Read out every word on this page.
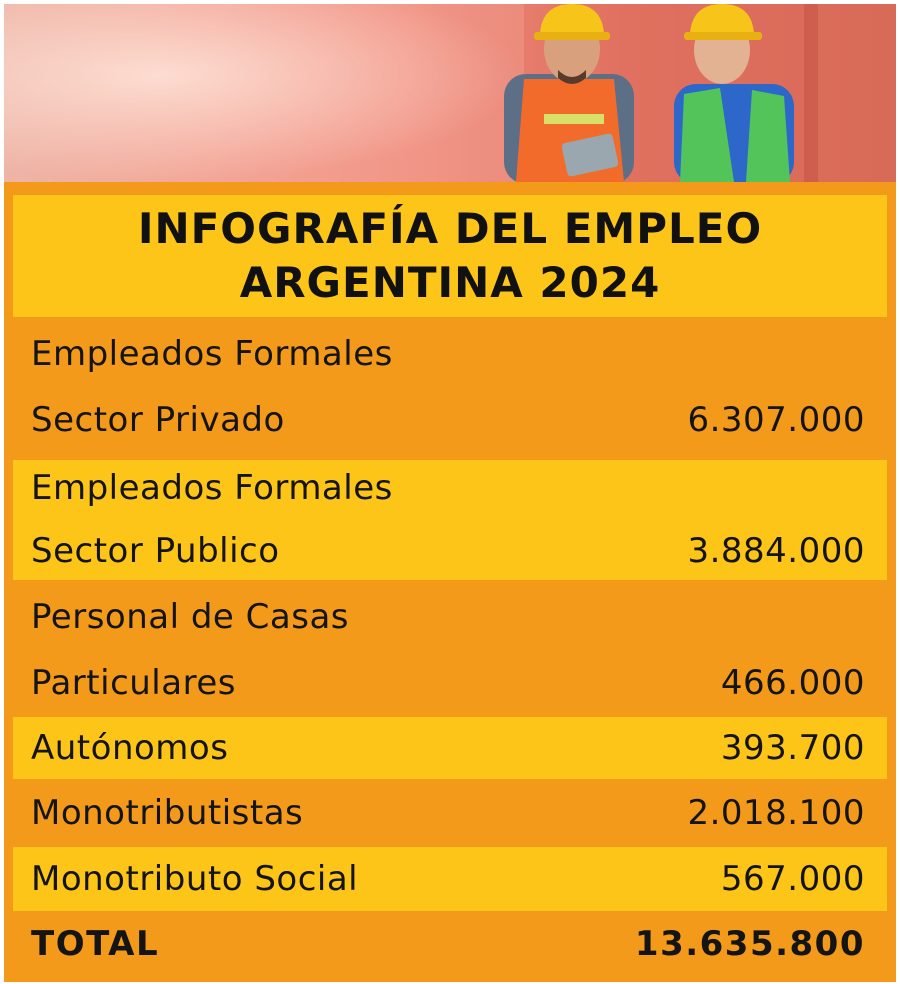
INFOGRAFÍA DEL EMPLEO
ARGENTINA 2024
Empleados Formales
Sector Privado	6.307.000
Empleados Formales
Sector Publico	3.884.000
Personal de Casas
Particulares	466.000
Autónomos	393.700
Monotributistas	2.018.100
Monotributo Social	567.000
TOTAL	13.635.800
